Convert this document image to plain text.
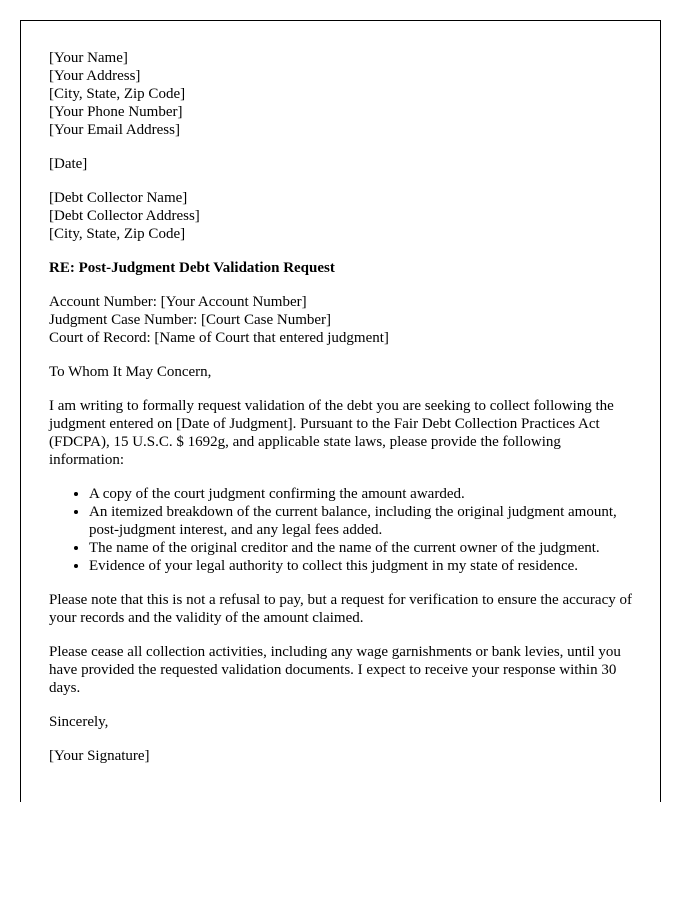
[Your Name]
[Your Address]
[City, State, Zip Code]
[Your Phone Number]
[Your Email Address]
[Date]
[Debt Collector Name]
[Debt Collector Address]
[City, State, Zip Code]
RE: Post-Judgment Debt Validation Request
Account Number: [Your Account Number]
Judgment Case Number: [Court Case Number]
Court of Record: [Name of Court that entered judgment]

To Whom It May Concern,

I am writing to formally request validation of the debt you are seeking to collect following the judgment entered on [Date of Judgment]. Pursuant to the Fair Debt Collection Practices Act (FDCPA), 15 U.S.C. $ 1692g, and applicable state laws, please provide the following information:

• A copy of the court judgment confirming the amount awarded.
• An itemized breakdown of the current balance, including the original judgment amount, post-judgment interest, and any legal fees added.
• The name of the original creditor and the name of the current owner of the judgment.
• Evidence of your legal authority to collect this judgment in my state of residence.

Please note that this is not a refusal to pay, but a request for verification to ensure the accuracy of your records and the validity of the amount claimed.

Please cease all collection activities, including any wage garnishments or bank levies, until you have provided the requested validation documents. I expect to receive your response within 30 days.

Sincerely,

[Your Signature]
